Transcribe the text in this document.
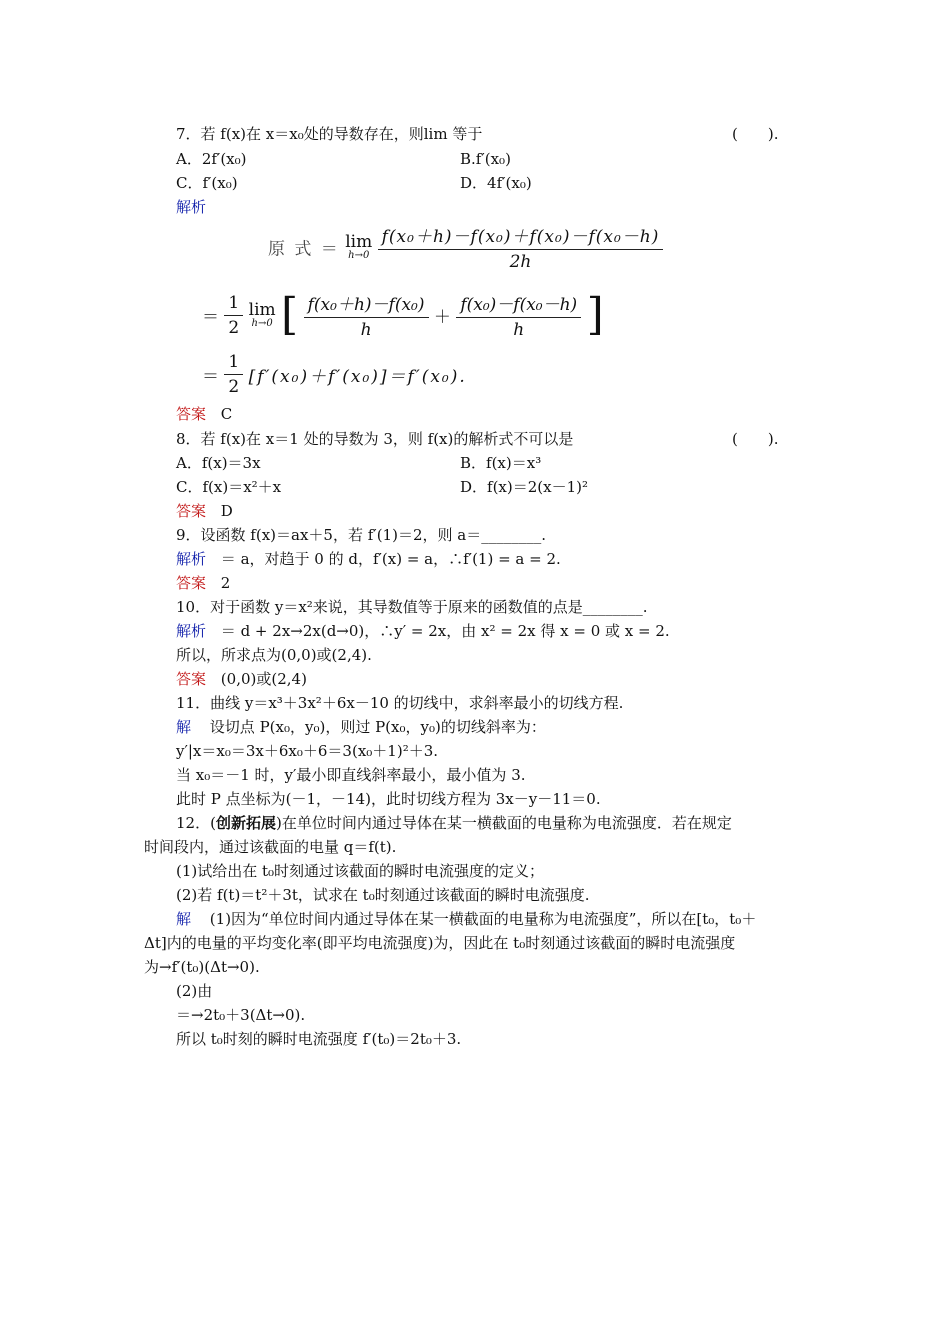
7．若 f(x)在 x＝x₀处的导数存在，则lim 等于	(　　).
A．2f′(x₀)	B.f′(x₀)
C．f′(x₀)	D．4f′(x₀)
解析
原 式 ＝ lim
h→0
$\frac{\text{f(x₀＋h)－f(x₀)＋f(x₀)－f(x₀－h)}}{2h}$
＝ $\frac{1}{2}$ lim
h→0 [ $\frac{\text{f(x₀＋h)－f(x₀)}}{h} + \frac{\text{f(x₀)－f(x₀－h)}}{h}$ ]
＝ $\frac{1}{2} [f'(x_0)+f'(x_0)]=f'(x_0)$.
答案 C
8．若 f(x)在 x＝1 处的导数为 3，则 f(x)的解析式不可以是	(　　).
A．f(x)＝3x	B．f(x)＝x³
C．f(x)＝x²＋x	D．f(x)＝2(x－1)²
答案 D
9．设函数 f(x)＝ax＋5，若 f′(1)＝2，则 a＝________.
解析 ＝ a，对趋于 0 的 d，f′(x) = a，∴f′(1) = a = 2.
答案 2
10．对于函数 y＝x²来说，其导数值等于原来的函数值的点是________.
解析 ＝ d + 2x→2x(d→0)，∴y′ = 2x，由 x² = 2x 得 x = 0 或 x = 2.
所以，所求点为(0,0)或(2,4).
答案 (0,0)或(2,4)
11．曲线 y＝x³＋3x²＋6x－10 的切线中，求斜率最小的切线方程.
解 设切点 P(x₀，y₀)，则过 P(x₀，y₀)的切线斜率为：
y′|x＝x₀＝3x＋6x₀＋6＝3(x₀＋1)²＋3.
当 x₀＝－1 时，y′最小即直线斜率最小，最小值为 3.
此时 P 点坐标为(－1，－14)，此时切线方程为 3x－y－11＝0.
12．(创新拓展)在单位时间内通过导体在某一横截面的电量称为电流强度．若在规定
时间段内，通过该截面的电量 q＝f(t).
(1)试给出在 t₀时刻通过该截面的瞬时电流强度的定义；
(2)若 f(t)＝t²＋3t，试求在 t₀时刻通过该截面的瞬时电流强度.
解 (1)因为“单位时间内通过导体在某一横截面的电量称为电流强度”，所以在[t₀，t₀＋
Δt]内的电量的平均变化率(即平均电流强度)为，因此在 t₀时刻通过该截面的瞬时电流强度
为→f′(t₀)(Δt→0).
(2)由
＝→2t₀＋3(Δt→0).
所以 t₀时刻的瞬时电流强度 f′(t₀)＝2t₀＋3.
